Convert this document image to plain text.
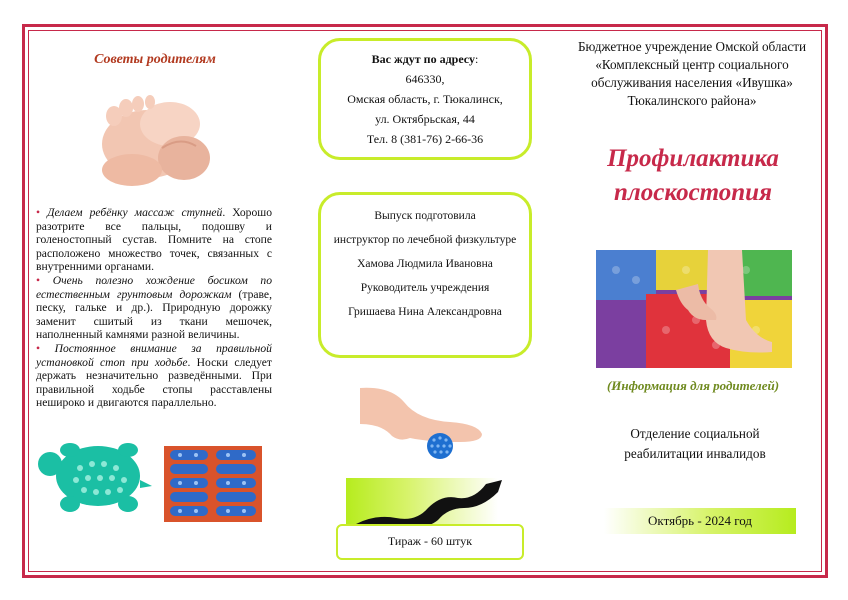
Советы родителям
• Делаем ребёнку массаж ступней. Хорошо разотрите все пальцы, подошву и голеностопный сустав. Помните на стопе расположено множество точек, связанных с внутренними органами.
• Очень полезно хождение босиком по естественным грунтовым дорожкам (траве, песку, гальке и др.). Природную дорожку заменит сшитый из ткани мешочек, наполненный камнями разной величины.
• Постоянное внимание за правильной установкой стоп при ходьбе. Носки следует держать незначительно разведёнными. При правильной ходьбе стопы расставлены нешироко и двигаются параллельно.
Вас ждут по адресу:
646330,
Омская область, г. Тюкалинск,
ул. Октябрьская, 44
Тел. 8 (381-76) 2-66-36

Выпуск подготовила

инструктор по лечебной физкультуре

Хамова Людмила Ивановна

Руководитель учреждения

Гришаева Нина Александровна

Тираж - 60 штук
Бюджетное учреждение Омской области «Комплексный центр социального обслуживания населения «Ивушка» Тюкалинского района»
Профилактика
плоскостопия
(Информация для родителей)
Отделение социальной реабилитации инвалидов
Октябрь - 2024 год
